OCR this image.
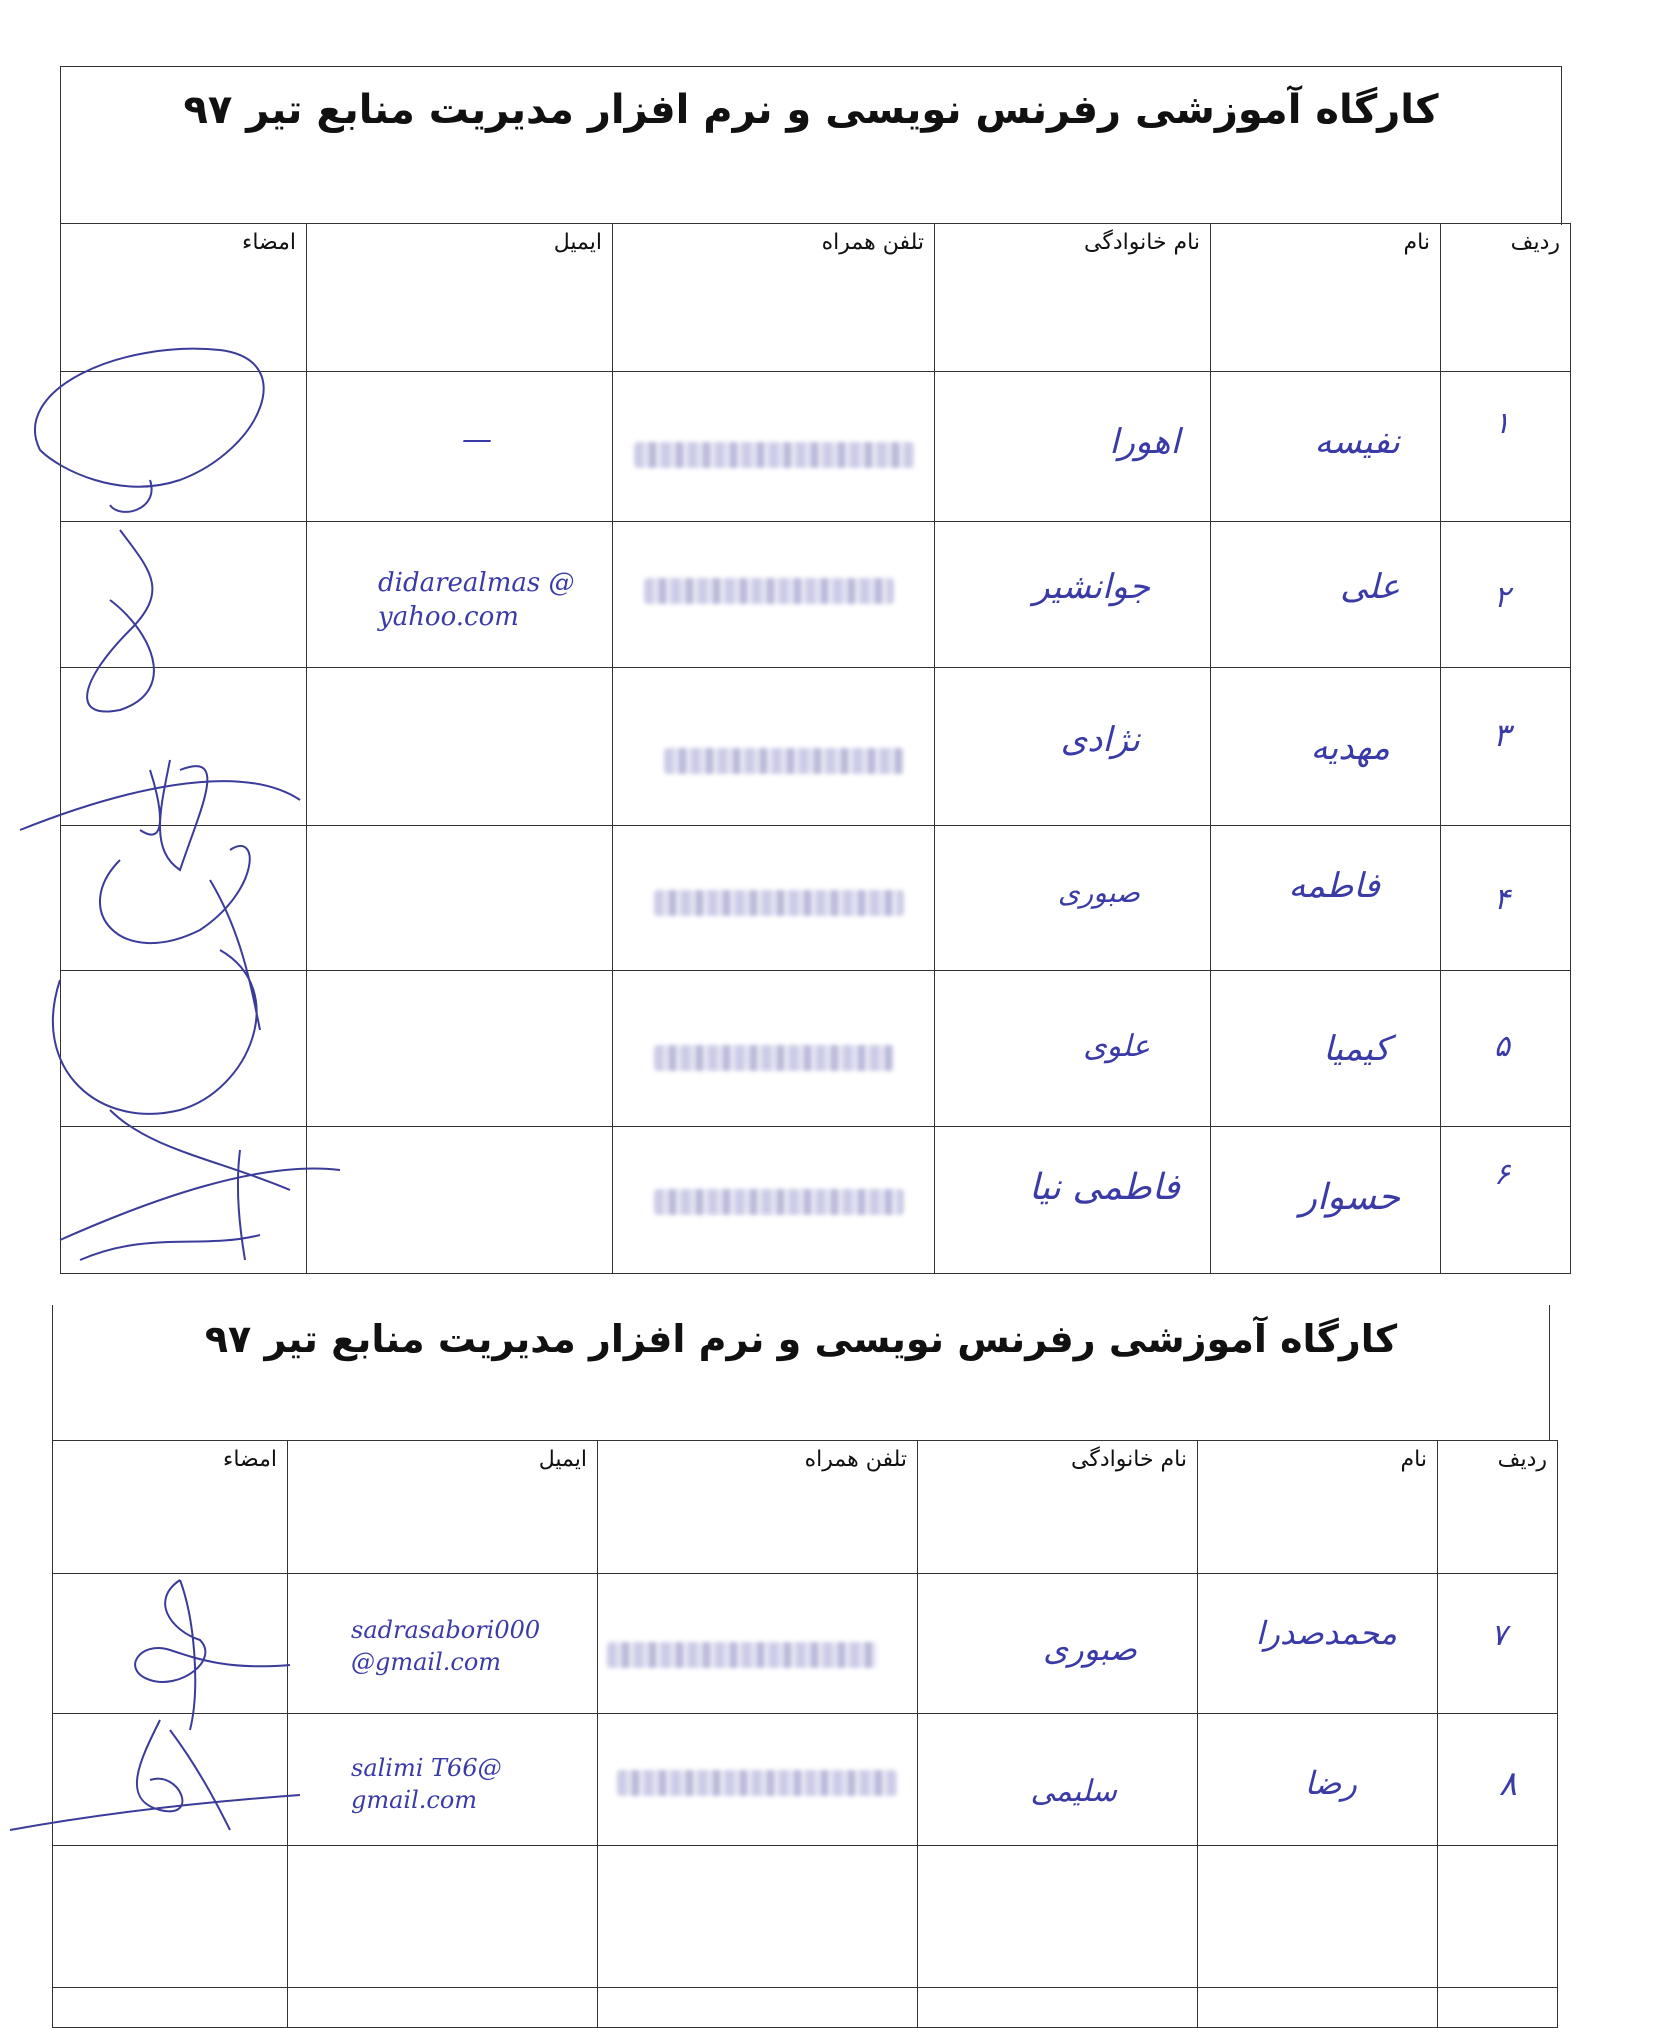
کارگاه آموزشی رفرنس نویسی و نرم افزار مدیریت منابع تیر ۹۷
ردیف	نام	نام خانوادگی	تلفن همراه	ایمیل	امضاء

۱	نفیسه	اهورا		—	

۲	علی	جوانشیر		didarealmas @ yahoo.com	

۳	مهدیه	نژادی			

۴	فاطمه	صبوری			

۵	کیمیا	علوی			

۶	حسوار	فاطمی نیا			

کارگاه آموزشی رفرنس نویسی و نرم افزار مدیریت منابع تیر ۹۷
ردیف	نام	نام خانوادگی	تلفن همراه	ایمیل	امضاء

۷	محمدصدرا	صبوری		sadrasabori000 @gmail.com	

۸	رضا	سلیمی		salimi T66@ gmail.com	
